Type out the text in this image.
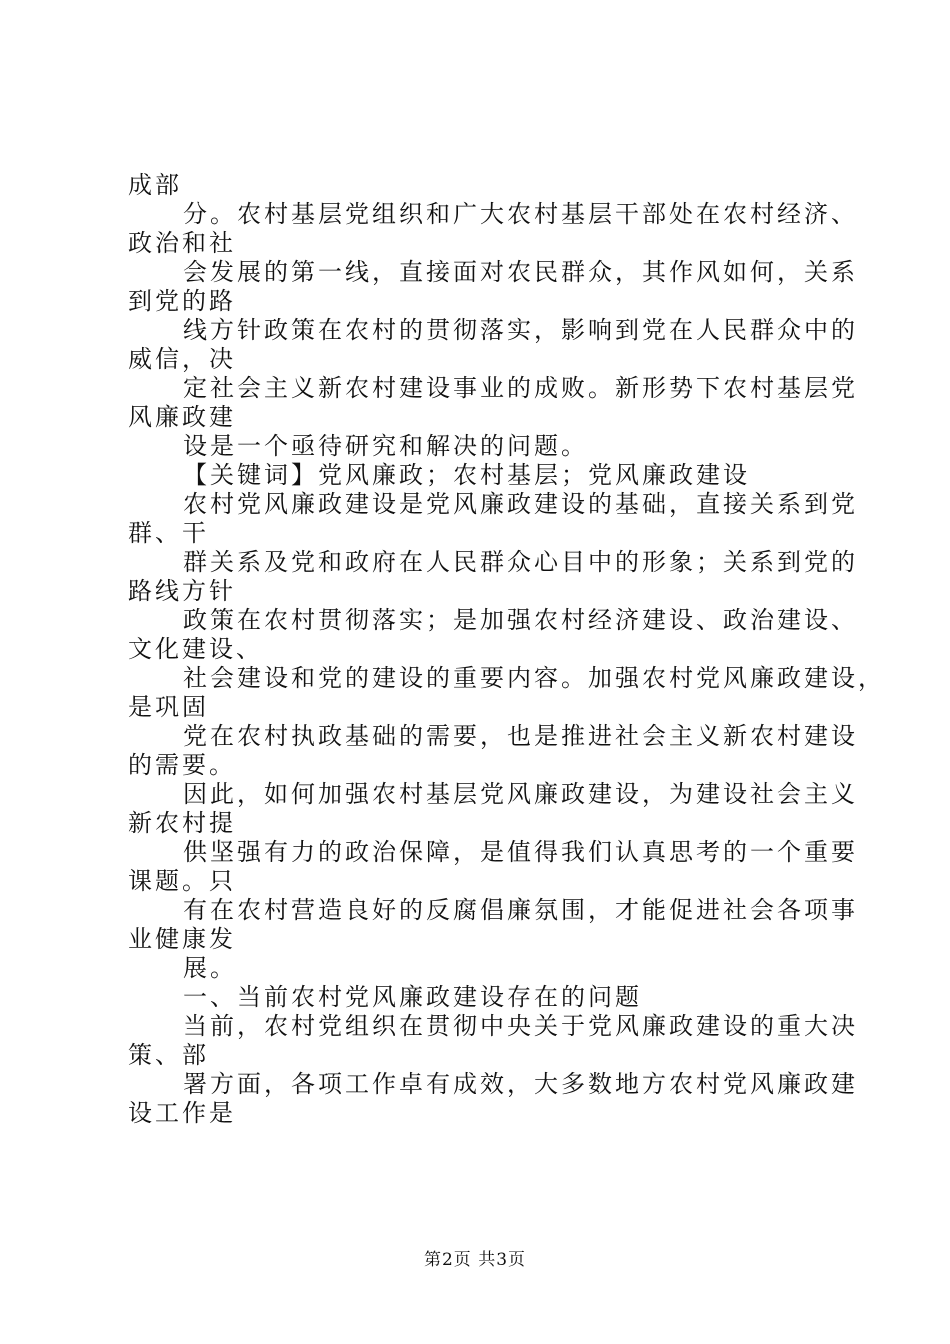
成部
分。农村基层党组织和广大农村基层干部处在农村经济、
政治和社
会发展的第一线，直接面对农民群众，其作风如何，关系
到党的路
线方针政策在农村的贯彻落实，影响到党在人民群众中的
威信，决
定社会主义新农村建设事业的成败。新形势下农村基层党
风廉政建
设是一个亟待研究和解决的问题。
【关键词】党风廉政；农村基层；党风廉政建设
农村党风廉政建设是党风廉政建设的基础，直接关系到党
群、干
群关系及党和政府在人民群众心目中的形象；关系到党的
路线方针
政策在农村贯彻落实；是加强农村经济建设、政治建设、
文化建设、
社会建设和党的建设的重要内容。加强农村党风廉政建设，
是巩固
党在农村执政基础的需要，也是推进社会主义新农村建设
的需要。
因此，如何加强农村基层党风廉政建设，为建设社会主义
新农村提
供坚强有力的政治保障，是值得我们认真思考的一个重要
课题。只
有在农村营造良好的反腐倡廉氛围，才能促进社会各项事
业健康发
展。
一、当前农村党风廉政建设存在的问题
当前，农村党组织在贯彻中央关于党风廉政建设的重大决
策、部
署方面，各项工作卓有成效，大多数地方农村党风廉政建
设工作是
第2页 共3页
